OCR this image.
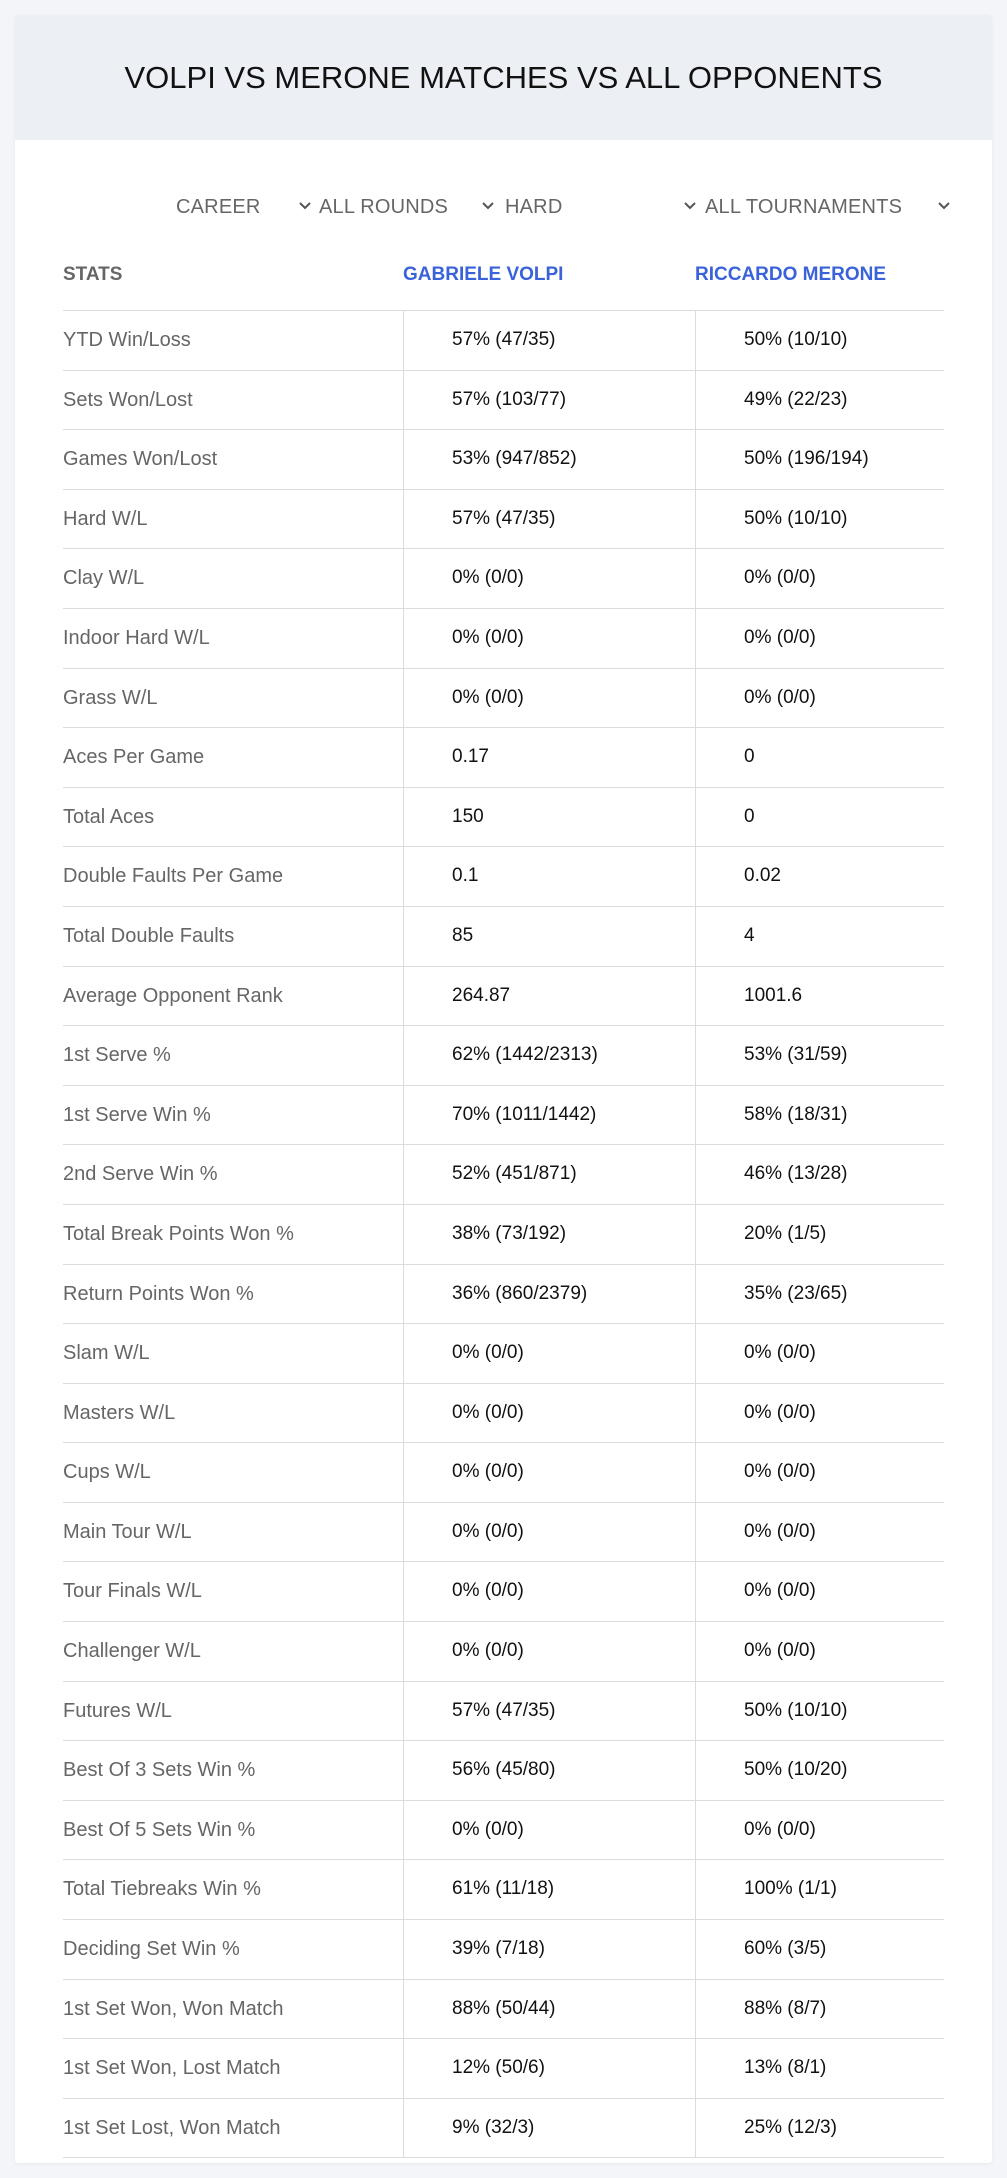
VOLPI VS MERONE MATCHES VS ALL OPPONENTS
CAREER	ALL ROUNDS	HARD	ALL TOURNAMENTS
STATS	GABRIELE VOLPI	RICCARDO MERONE
YTD Win/Loss	57% (47/35)	50% (10/10)
Sets Won/Lost	57% (103/77)	49% (22/23)
Games Won/Lost	53% (947/852)	50% (196/194)
Hard W/L	57% (47/35)	50% (10/10)
Clay W/L	0% (0/0)	0% (0/0)
Indoor Hard W/L	0% (0/0)	0% (0/0)
Grass W/L	0% (0/0)	0% (0/0)
Aces Per Game	0.17	0
Total Aces	150	0
Double Faults Per Game	0.1	0.02
Total Double Faults	85	4
Average Opponent Rank	264.87	1001.6
1st Serve %	62% (1442/2313)	53% (31/59)
1st Serve Win %	70% (1011/1442)	58% (18/31)
2nd Serve Win %	52% (451/871)	46% (13/28)
Total Break Points Won %	38% (73/192)	20% (1/5)
Return Points Won %	36% (860/2379)	35% (23/65)
Slam W/L	0% (0/0)	0% (0/0)
Masters W/L	0% (0/0)	0% (0/0)
Cups W/L	0% (0/0)	0% (0/0)
Main Tour W/L	0% (0/0)	0% (0/0)
Tour Finals W/L	0% (0/0)	0% (0/0)
Challenger W/L	0% (0/0)	0% (0/0)
Futures W/L	57% (47/35)	50% (10/10)
Best Of 3 Sets Win %	56% (45/80)	50% (10/20)
Best Of 5 Sets Win %	0% (0/0)	0% (0/0)
Total Tiebreaks Win %	61% (11/18)	100% (1/1)
Deciding Set Win %	39% (7/18)	60% (3/5)
1st Set Won, Won Match	88% (50/44)	88% (8/7)
1st Set Won, Lost Match	12% (50/6)	13% (8/1)
1st Set Lost, Won Match	9% (32/3)	25% (12/3)
